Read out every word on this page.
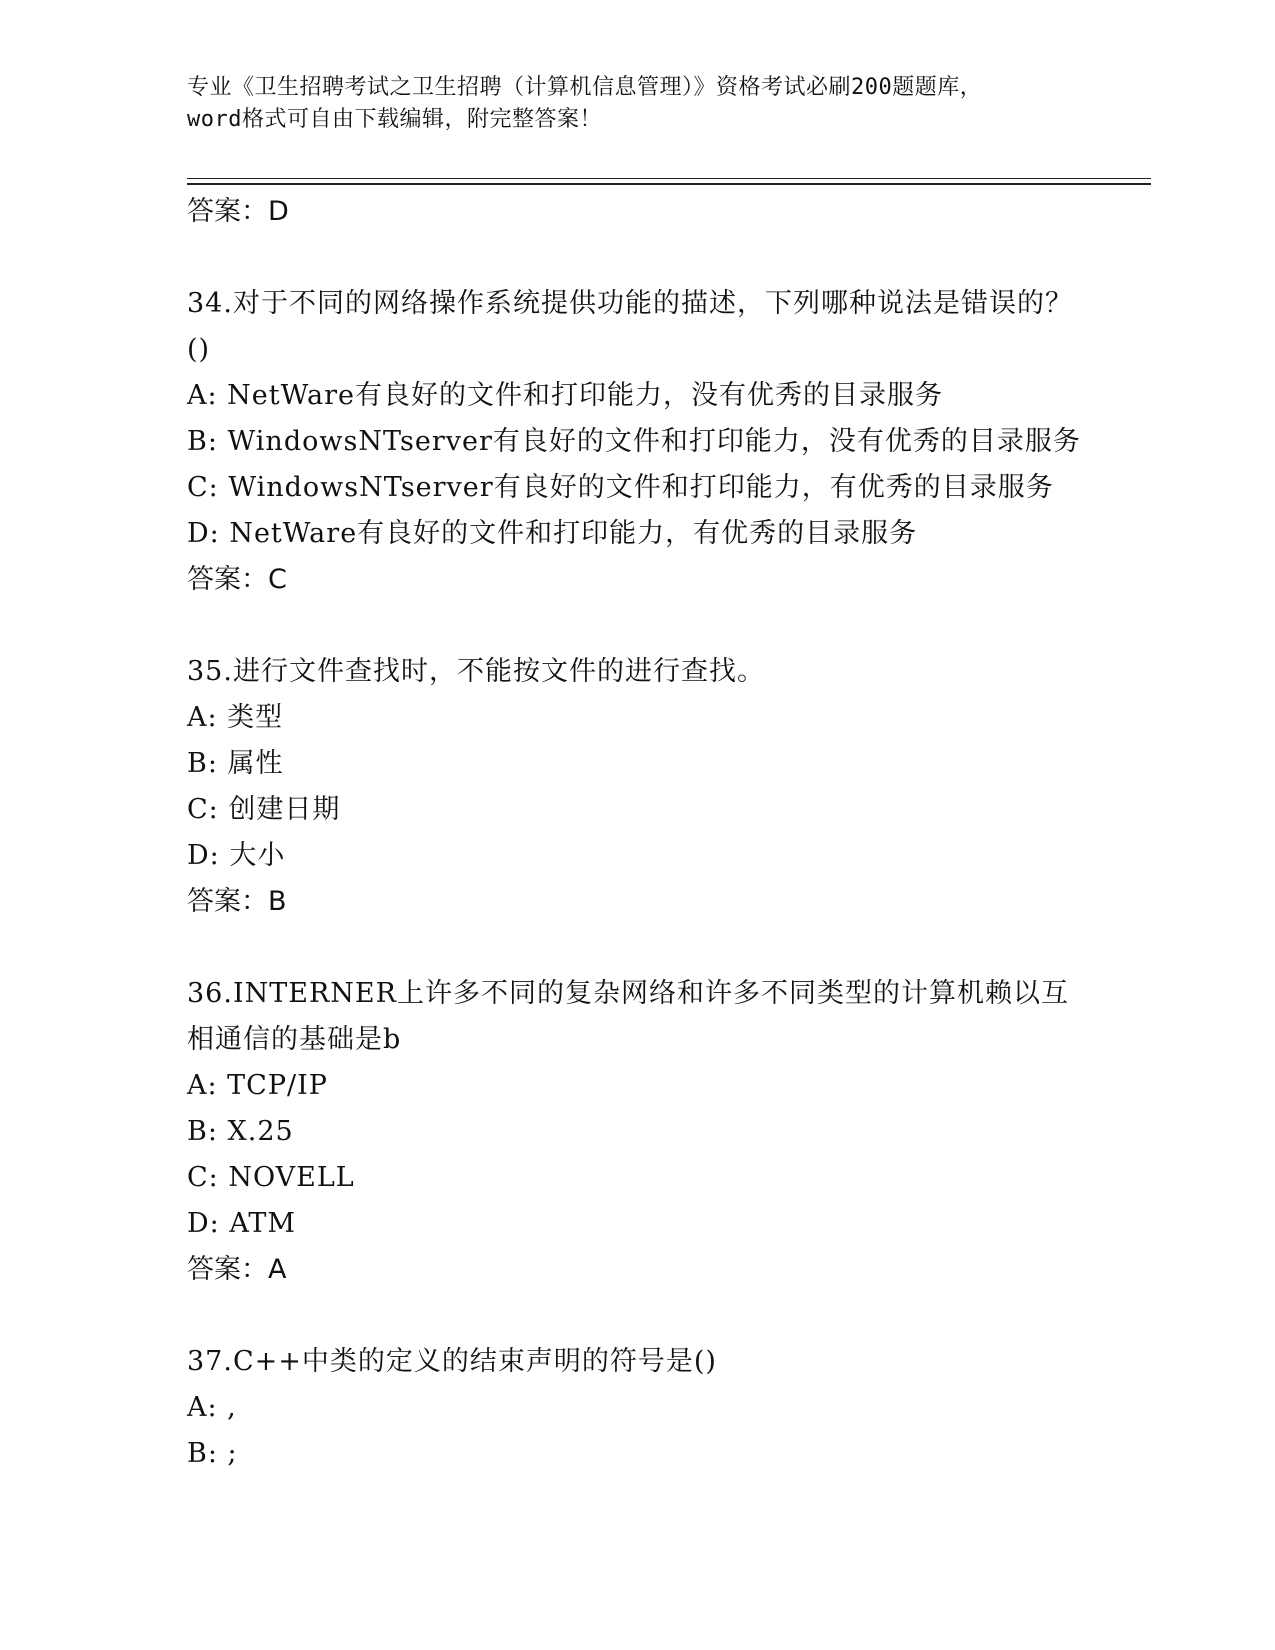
专业《卫生招聘考试之卫生招聘（计算机信息管理）》资格考试必刷200题题库，
word格式可自由下载编辑，附完整答案！
答案：D
34.对于不同的网络操作系统提供功能的描述，下列哪种说法是错误的？()
A: NetWare有良好的文件和打印能力，没有优秀的目录服务
B: WindowsNTserver有良好的文件和打印能力，没有优秀的目录服务
C: WindowsNTserver有良好的文件和打印能力，有优秀的目录服务
D: NetWare有良好的文件和打印能力，有优秀的目录服务
答案：C
35.进行文件查找时，不能按文件的进行查找。
A: 类型
B: 属性
C: 创建日期
D: 大小
答案：B
36.INTERNER上许多不同的复杂网络和许多不同类型的计算机赖以互相通信的基础是b
A: TCP/IP
B: X.25
C: NOVELL
D: ATM
答案：A
37.C++中类的定义的结束声明的符号是()
A: ,
B: ;
